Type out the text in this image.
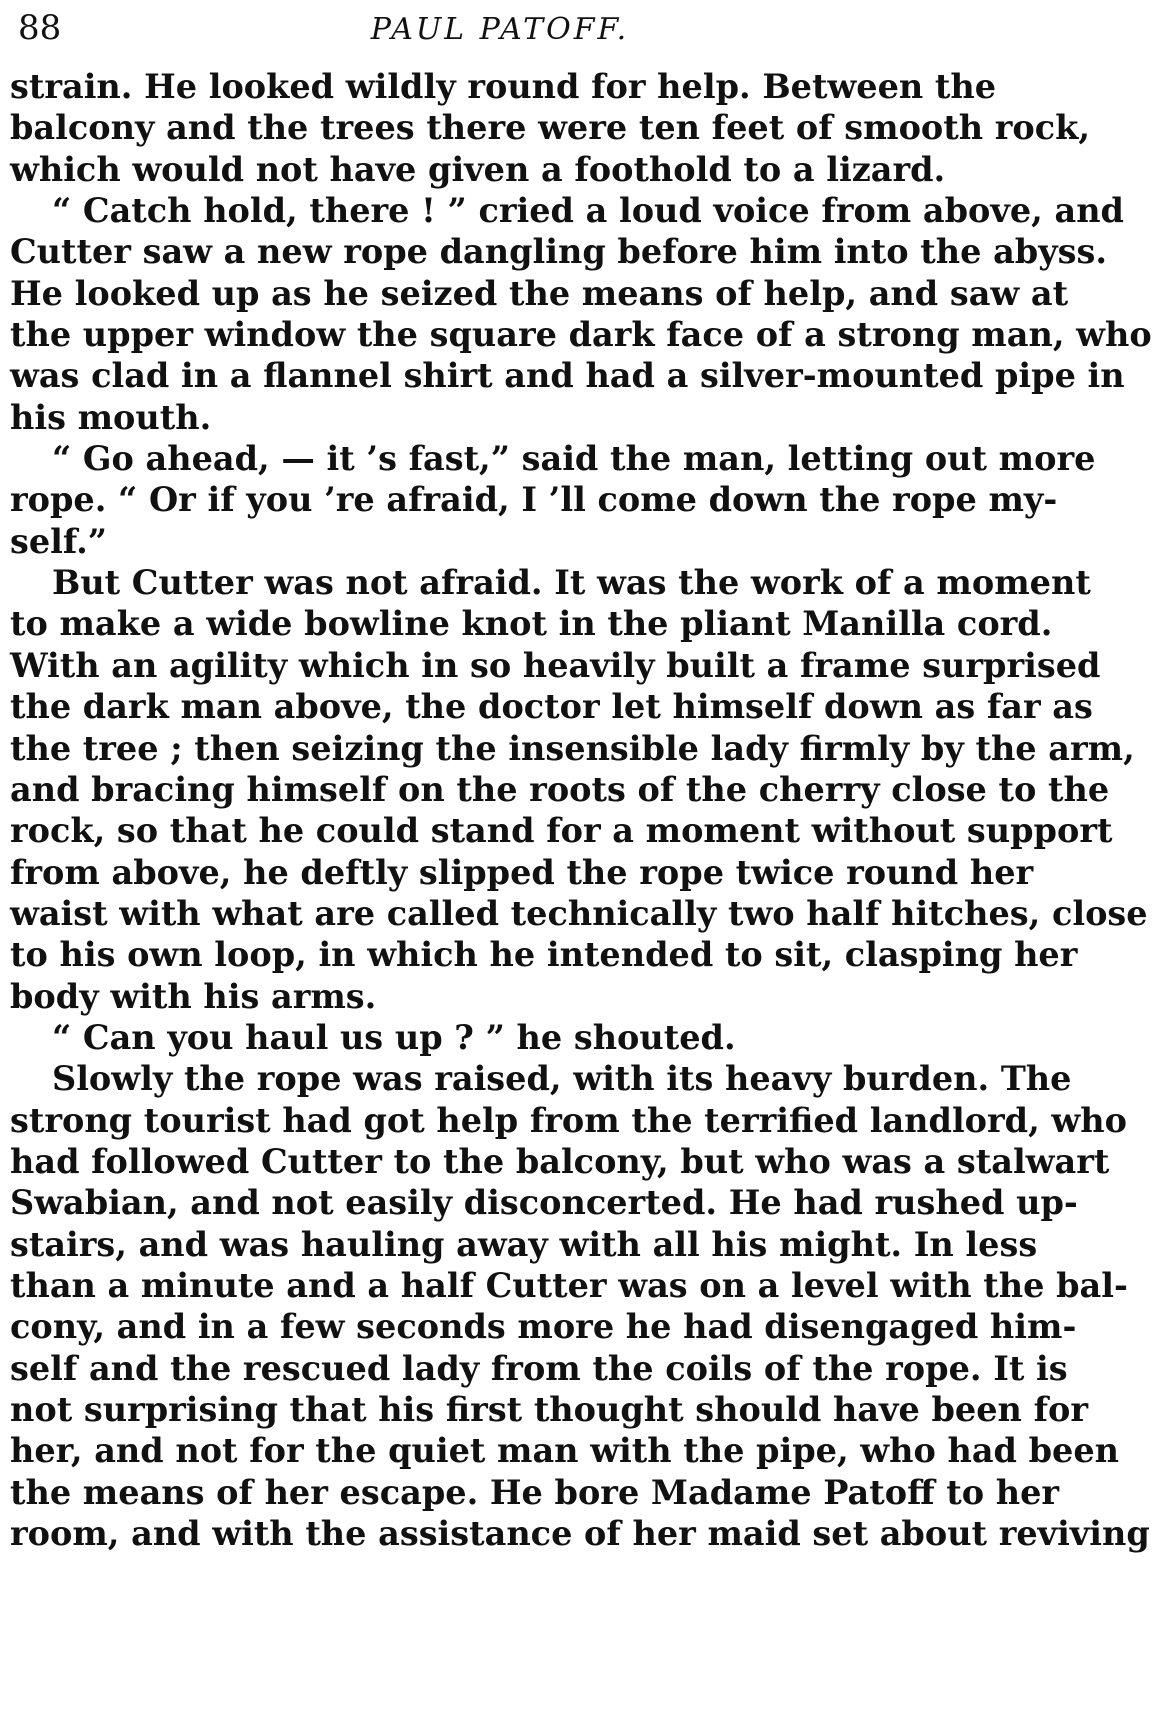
88	PAUL PATOFF.
strain. He looked wildly round for help. Between the
balcony and the trees there were ten feet of smooth rock,
which would not have given a foothold to a lizard.
“ Catch hold, there ! ” cried a loud voice from above, and
Cutter saw a new rope dangling before him into the abyss.
He looked up as he seized the means of help, and saw at
the upper window the square dark face of a strong man, who
was clad in a flannel shirt and had a silver-mounted pipe in
his mouth.
“ Go ahead, — it ’s fast,” said the man, letting out more
rope. “ Or if you ’re afraid, I ’ll come down the rope my-
self.”
But Cutter was not afraid. It was the work of a moment
to make a wide bowline knot in the pliant Manilla cord.
With an agility which in so heavily built a frame surprised
the dark man above, the doctor let himself down as far as
the tree ; then seizing the insensible lady firmly by the arm,
and bracing himself on the roots of the cherry close to the
rock, so that he could stand for a moment without support
from above, he deftly slipped the rope twice round her
waist with what are called technically two half hitches, close
to his own loop, in which he intended to sit, clasping her
body with his arms.
“ Can you haul us up ? ” he shouted.
Slowly the rope was raised, with its heavy burden. The
strong tourist had got help from the terrified landlord, who
had followed Cutter to the balcony, but who was a stalwart
Swabian, and not easily disconcerted. He had rushed up-
stairs, and was hauling away with all his might. In less
than a minute and a half Cutter was on a level with the bal-
cony, and in a few seconds more he had disengaged him-
self and the rescued lady from the coils of the rope. It is
not surprising that his first thought should have been for
her, and not for the quiet man with the pipe, who had been
the means of her escape. He bore Madame Patoff to her
room, and with the assistance of her maid set about reviving
